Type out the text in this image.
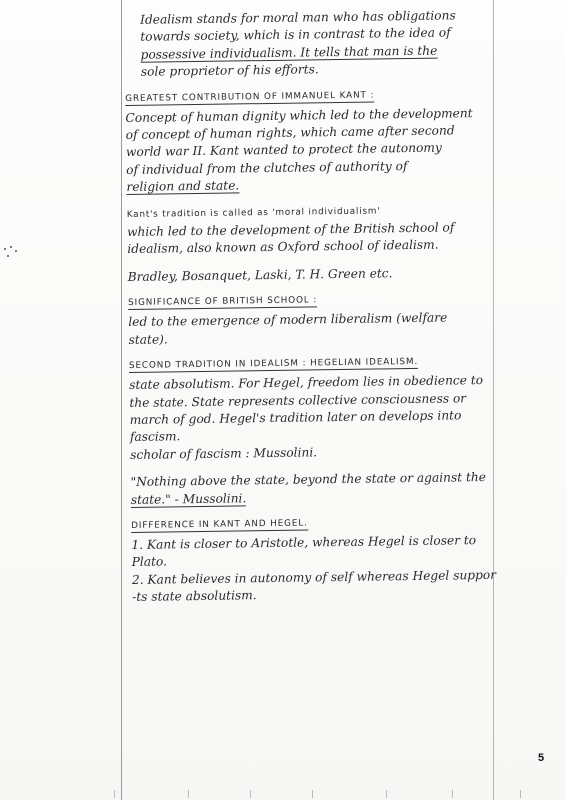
Idealism stands for moral man who has obligations
towards society, which is in contrast to the idea of
possessive individualism. It tells that man is the
sole proprietor of his efforts.

GREATEST CONTRIBUTION OF IMMANUEL KANT :

Concept of human dignity which led to the development
of concept of human rights, which came after second
world war II. Kant wanted to protect the autonomy
of individual from the clutches of authority of
religion and state.

Kant's tradition is called as 'moral individualism'
which led to the development of the British school of
idealism, also known as Oxford school of idealism.

Bradley, Bosanquet, Laski, T. H. Green etc.

SIGNIFICANCE OF BRITISH SCHOOL :

led to the emergence of modern liberalism (welfare
state).

SECOND TRADITION IN IDEALISM : HEGELIAN IDEALISM.

state absolutism. For Hegel, freedom lies in obedience to
the state. State represents collective consciousness or
march of god. Hegel's tradition later on develops into
fascism.
scholar of fascism : Mussolini.

"Nothing above the state, beyond the state or against the
state." - Mussolini.

DIFFERENCE IN KANT AND HEGEL.

1. Kant is closer to Aristotle, whereas Hegel is closer to
Plato.
2. Kant believes in autonomy of self whereas Hegel suppor
-ts state absolutism.

5
